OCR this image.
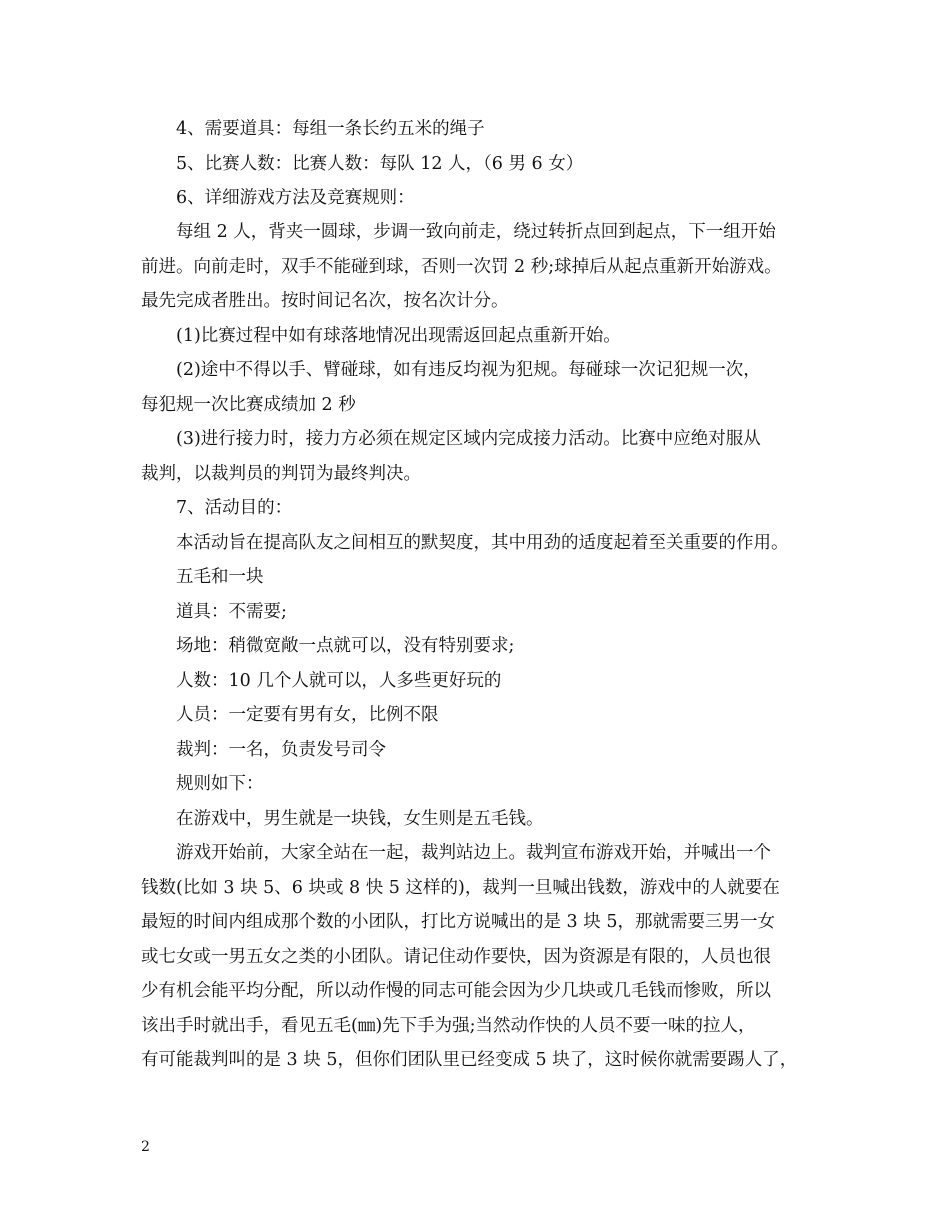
4、需要道具：每组一条长约五米的绳子
5、比赛人数：比赛人数：每队 12 人，（6 男 6 女）
6、详细游戏方法及竞赛规则：
每组 2 人，背夹一圆球，步调一致向前走，绕过转折点回到起点，下一组开始
前进。向前走时，双手不能碰到球，否则一次罚 2 秒;球掉后从起点重新开始游戏。
最先完成者胜出。按时间记名次，按名次计分。
(1)比赛过程中如有球落地情况出现需返回起点重新开始。
(2)途中不得以手、臂碰球，如有违反均视为犯规。每碰球一次记犯规一次，
每犯规一次比赛成绩加 2 秒
(3)进行接力时，接力方必须在规定区域内完成接力活动。比赛中应绝对服从
裁判，以裁判员的判罚为最终判决。
7、活动目的：
本活动旨在提高队友之间相互的默契度，其中用劲的适度起着至关重要的作用。
五毛和一块
道具：不需要;
场地：稍微宽敞一点就可以，没有特别要求;
人数：10 几个人就可以，人多些更好玩的
人员：一定要有男有女，比例不限
裁判：一名，负责发号司令
规则如下：
在游戏中，男生就是一块钱，女生则是五毛钱。
游戏开始前，大家全站在一起，裁判站边上。裁判宣布游戏开始，并喊出一个
钱数(比如 3 块 5、6 块或 8 快 5 这样的)，裁判一旦喊出钱数，游戏中的人就要在
最短的时间内组成那个数的小团队，打比方说喊出的是 3 块 5，那就需要三男一女
或七女或一男五女之类的小团队。请记住动作要快，因为资源是有限的，人员也很
少有机会能平均分配，所以动作慢的同志可能会因为少几块或几毛钱而惨败，所以
该出手时就出手，看见五毛(㎜)先下手为强;当然动作快的人员不要一味的拉人，
有可能裁判叫的是 3 块 5，但你们团队里已经变成 5 块了，这时候你就需要踢人了，
2
